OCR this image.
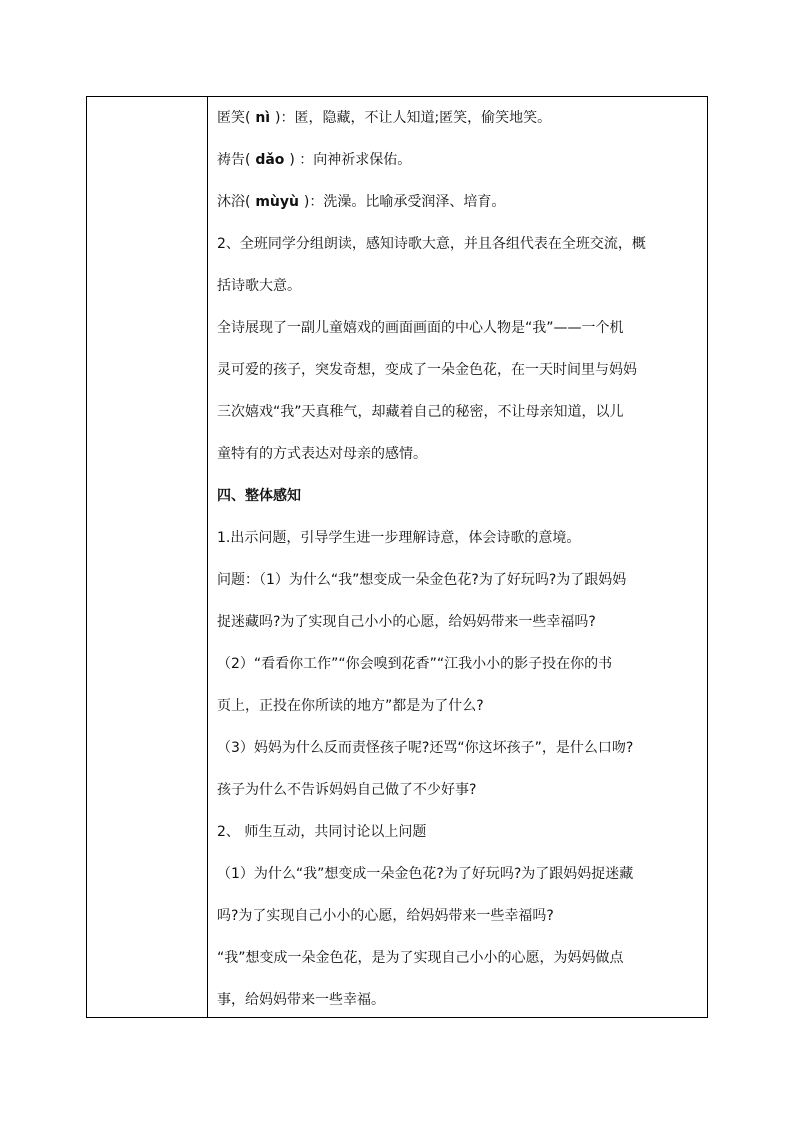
匿笑( nì )：匿，隐藏，不让人知道;匿笑，偷笑地笑。

祷告( dǎo ) ：向神祈求保佑。

沐浴( mùyù )：洗澡。比喻承受润泽、培育。

2、全班同学分组朗读，感知诗歌大意，并且各组代表在全班交流，概

括诗歌大意。

全诗展现了一副儿童嬉戏的画面画面的中心人物是“我”——一个机

灵可爱的孩子，突发奇想，变成了一朵金色花，在一天时间里与妈妈

三次嬉戏“我”天真稚气，却藏着自己的秘密，不让母亲知道，以儿

童特有的方式表达对母亲的感情。

四、整体感知

1.出示问题，引导学生进一步理解诗意，体会诗歌的意境。

问题：（1）为什么“我”想变成一朵金色花?为了好玩吗?为了跟妈妈

捉迷藏吗?为了实现自己小小的心愿，给妈妈带来一些幸福吗?

（2）“看看你工作”“你会嗅到花香”“江我小小的影子投在你的书

页上，正投在你所读的地方”都是为了什么?

（3）妈妈为什么反而责怪孩子呢?还骂“你这坏孩子”，是什么口吻?

孩子为什么不告诉妈妈自己做了不少好事?

2、 师生互动，共同讨论以上问题

（1）为什么“我”想变成一朵金色花?为了好玩吗?为了跟妈妈捉迷藏

吗?为了实现自己小小的心愿，给妈妈带来一些幸福吗?

“我”想变成一朵金色花，是为了实现自己小小的心愿，为妈妈做点

事，给妈妈带来一些幸福。
